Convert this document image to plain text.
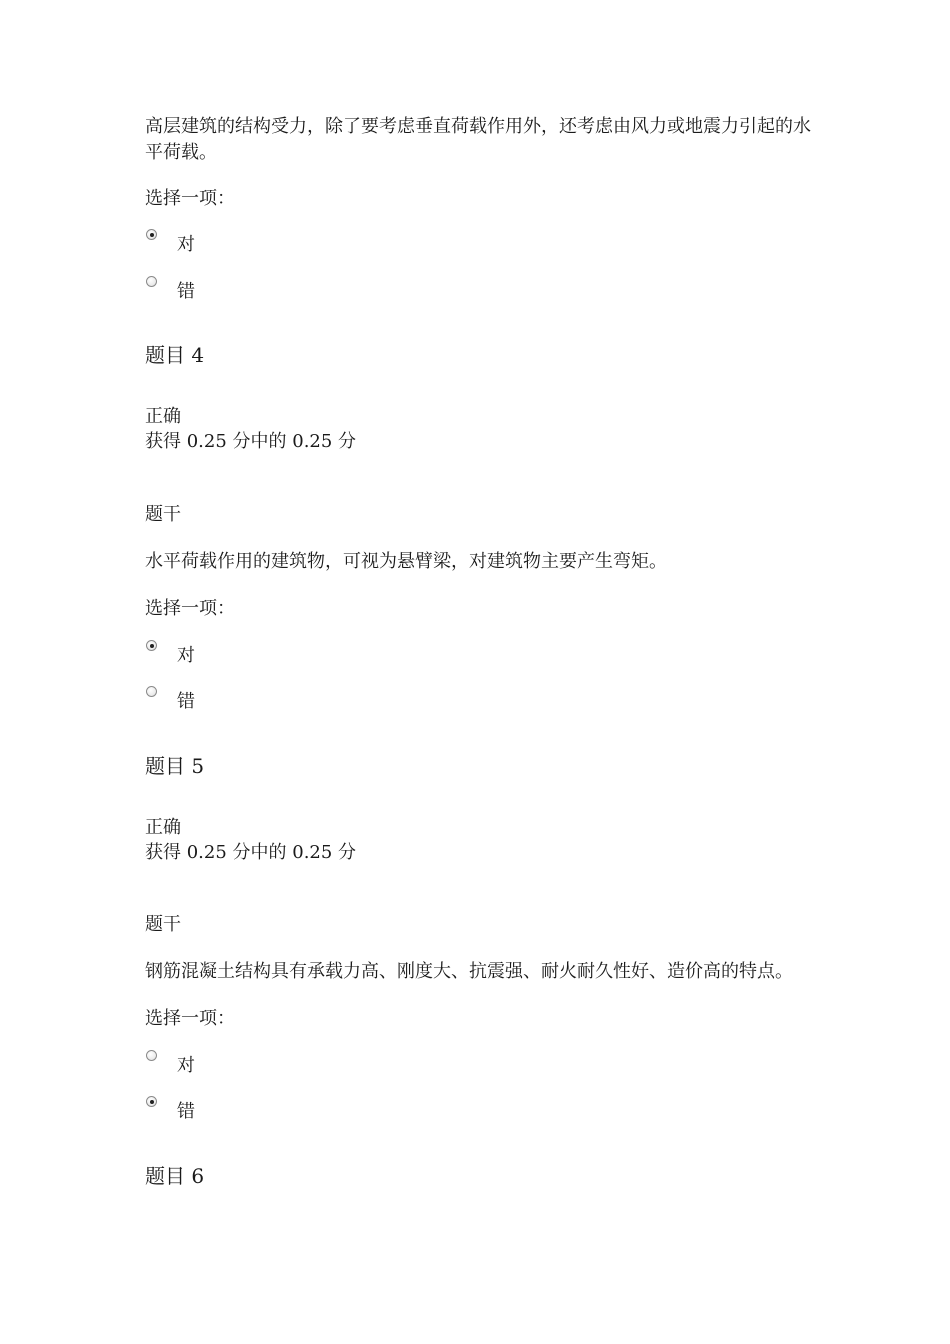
高层建筑的结构受力，除了要考虑垂直荷载作用外，还考虑由风力或地震力引起的水平荷载。
选择一项：
对
错
题目 4
正确
获得 0.25 分中的 0.25 分
题干
水平荷载作用的建筑物，可视为悬臂梁，对建筑物主要产生弯矩。
选择一项：
对
错
题目 5
正确
获得 0.25 分中的 0.25 分
题干
钢筋混凝土结构具有承载力高、刚度大、抗震强、耐火耐久性好、造价高的特点。
选择一项：
对
错
题目 6
